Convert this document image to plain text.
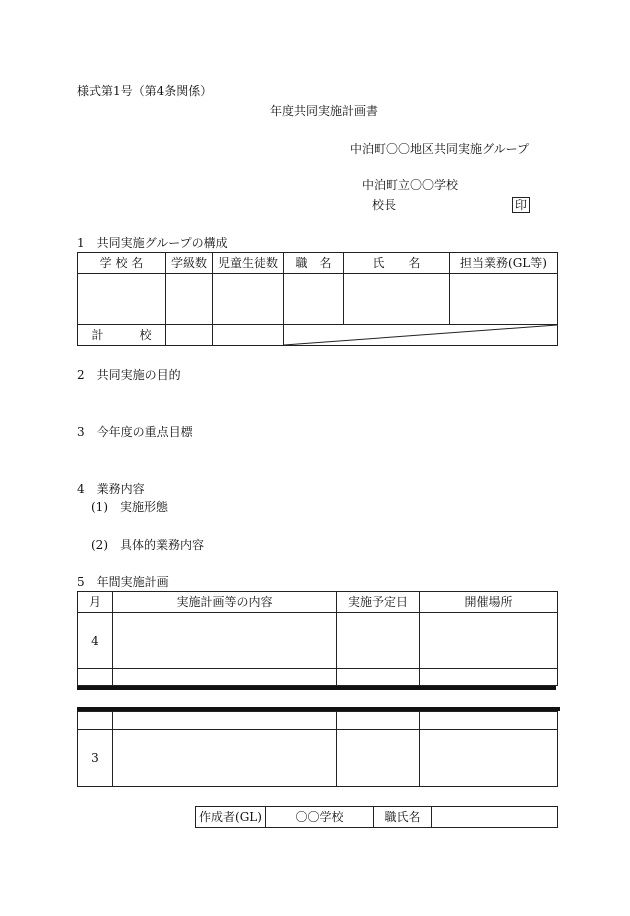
様式第1号（第4条関係）
年度共同実施計画書
中泊町〇〇地区共同実施グループ
中泊町立〇〇学校
校長	印
1　共同実施グループの構成
学 校 名	学級数	児童生徒数	職　名	氏　　名	担当業務(GL等)

計　　　校			
2　共同実施の目的
3　今年度の重点目標
4　業務内容
(1)　実施形態
(2)　具体的業務内容
5　年間実施計画
月	実施計画等の内容	実施予定日	開催場所
4			

3			
作成者(GL)	〇〇学校	職氏名	
